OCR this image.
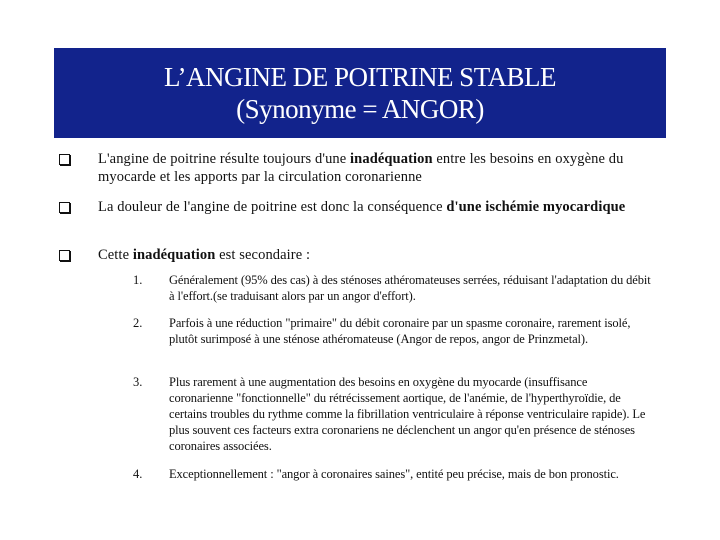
L’ANGINE DE POITRINE STABLE
(Synonyme = ANGOR)
L'angine de poitrine résulte toujours d'une inadéquation entre les besoins en oxygène du myocarde et les apports par la circulation coronarienne
La douleur de l'angine de poitrine est donc la conséquence d'une ischémie myocardique
Cette inadéquation est secondaire :
1.	Généralement (95% des cas) à des sténoses athéromateuses serrées, réduisant l'adaptation du débit à l'effort.(se traduisant alors par un angor d'effort).
2.	Parfois à une réduction "primaire" du débit coronaire par un spasme coronaire, rarement isolé, plutôt surimposé à une sténose athéromateuse (Angor de repos, angor de Prinzmetal).
3.	Plus rarement à une augmentation des besoins en oxygène du myocarde (insuffisance coronarienne "fonctionnelle" du rétrécissement aortique, de l'anémie, de l'hyperthyroïdie, de certains troubles du rythme comme la fibrillation ventriculaire à réponse ventriculaire rapide). Le plus souvent ces facteurs extra coronariens ne déclenchent un angor qu'en présence de sténoses coronaires associées.
4.	Exceptionnellement : "angor à coronaires saines", entité peu précise, mais de bon pronostic.
